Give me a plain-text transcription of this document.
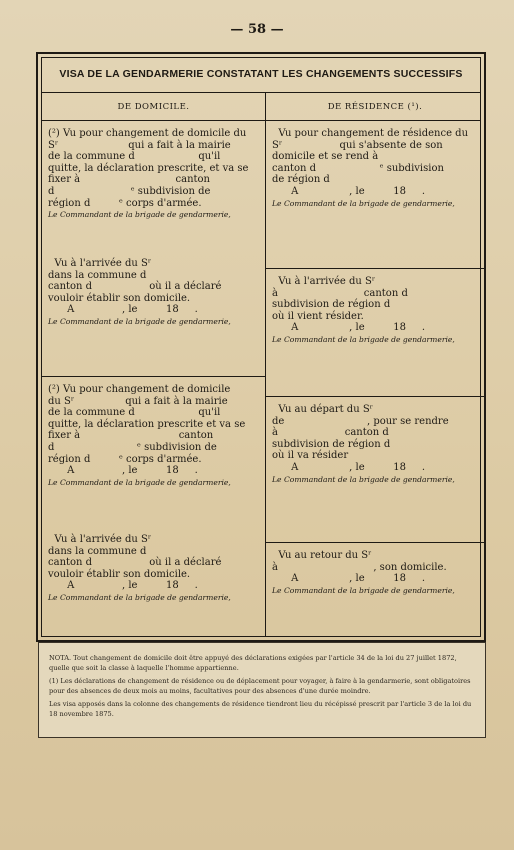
— 58 —
VISA DE LA GENDARMERIE CONSTATANT LES CHANGEMENTS SUCCESSIFS
DE DOMICILE.	DE RÉSIDENCE (¹).
(²) Vu pour changement de domicile du
Sʳ                      qui a fait à la mairie
de la commune d                    qu'il
quitte, la déclaration prescrite, et va se
fixer à                              canton
d                        ᵉ subdivision de
région d         ᵉ corps d'armée.
Le Commandant de la brigade de gendarmerie,
Vu à l'arrivée du Sʳ
dans la commune d
canton d                  où il a déclaré
vouloir établir son domicile.
A               , le         18     .
Le Commandant de la brigade de gendarmerie,
(²) Vu pour changement de domicile
du Sʳ                qui a fait à la mairie
de la commune d                    qu'il
quitte, la déclaration prescrite et va se
fixer à                               canton
d                          ᵉ subdivision de
région d         ᵉ corps d'armée.
A               , le         18     .
Le Commandant de la brigade de gendarmerie,
Vu à l'arrivée du Sʳ
dans la commune d
canton d                  où il a déclaré
vouloir établir son domicile.
A               , le         18     .
Le Commandant de la brigade de gendarmerie,
Vu pour changement de résidence du
Sʳ                  qui s'absente de son
domicile et se rend à
canton d                    ᵉ subdivision
de région d
A                , le         18     .
Le Commandant de la brigade de gendarmerie,
Vu à l'arrivée du Sʳ
à                           canton d
subdivision de région d
où il vient résider.
A                , le         18     .
Le Commandant de la brigade de gendarmerie,
Vu au départ du Sʳ
de                          , pour se rendre
à                     canton d
subdivision de région d
où il va résider
A                , le         18     .
Le Commandant de la brigade de gendarmerie,
Vu au retour du Sʳ
à                              , son domicile.
A                , le         18     .
Le Commandant de la brigade de gendarmerie,

NOTA. Tout changement de domicile doit être appuyé des déclarations exigées par l'article 34 de la loi du 27 juillet 1872, quelle que soit la classe à laquelle l'homme appartienne.

(1) Les déclarations de changement de résidence ou de déplacement pour voyager, à faire à la gendarmerie, sont obligatoires pour des absences de deux mois au moins, facultatives pour des absences d'une durée moindre.

Les visa apposés dans la colonne des changements de résidence tiendront lieu du récépissé prescrit par l'article 3 de la loi du 18 novembre 1875.
